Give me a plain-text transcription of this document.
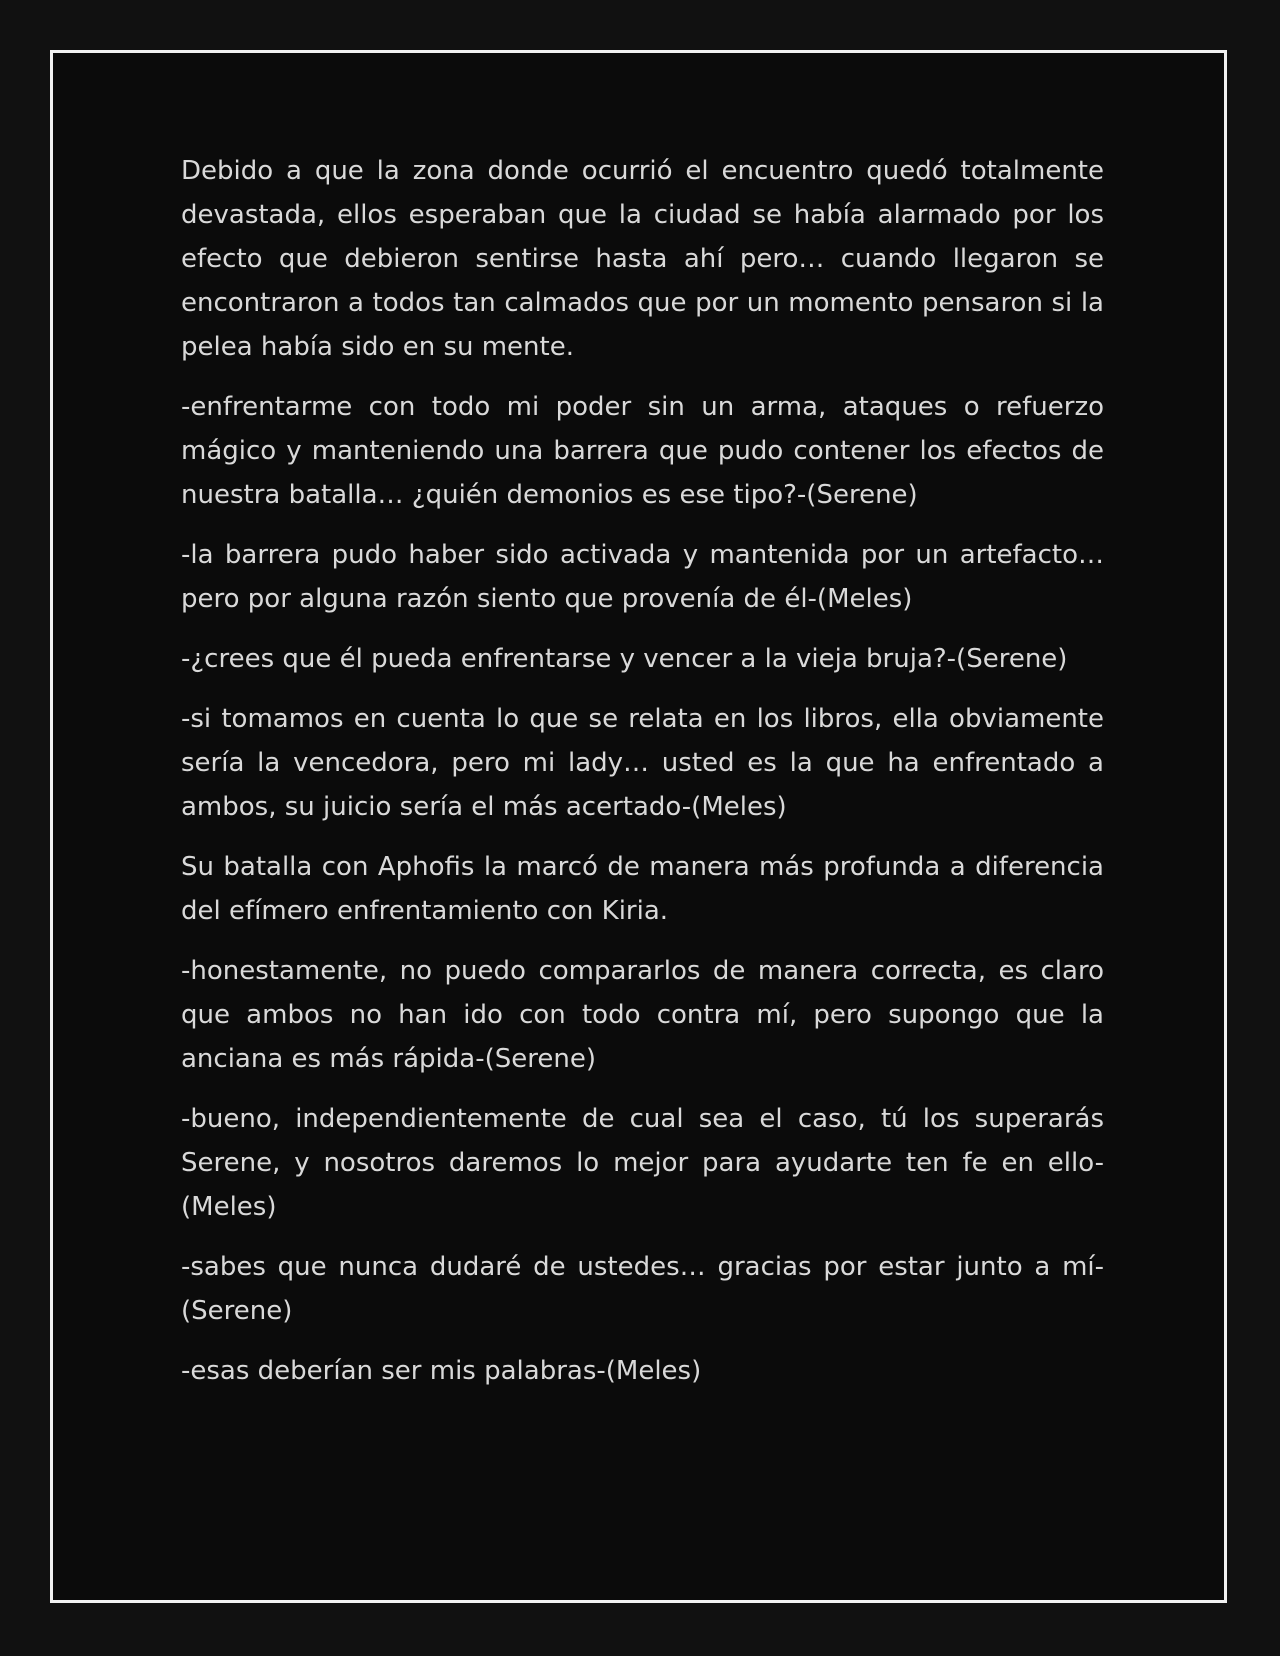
Debido a que la zona donde ocurrió el encuentro quedó totalmente devastada, ellos esperaban que la ciudad se había alarmado por los efecto que debieron sentirse hasta ahí pero… cuando llegaron se encontraron a todos tan calmados que por un momento pensaron si la pelea había sido en su mente.

-enfrentarme con todo mi poder sin un arma, ataques o refuerzo mágico y manteniendo una barrera que pudo contener los efectos de nuestra batalla… ¿quién demonios es ese tipo?-(Serene)

-la barrera pudo haber sido activada y mantenida por un artefacto… pero por alguna razón siento que provenía de él-(Meles)

-¿crees que él pueda enfrentarse y vencer a la vieja bruja?-(Serene)

-si tomamos en cuenta lo que se relata en los libros, ella obviamente sería la vencedora, pero mi lady… usted es la que ha enfrentado a ambos, su juicio sería el más acertado-(Meles)

Su batalla con Aphofis la marcó de manera más profunda a diferencia del efímero enfrentamiento con Kiria.

-honestamente, no puedo compararlos de manera correcta, es claro que ambos no han ido con todo contra mí, pero supongo que la anciana es más rápida-(Serene)

-bueno, independientemente de cual sea el caso, tú los superarás Serene, y nosotros daremos lo mejor para ayudarte ten fe en ello-(Meles)

-sabes que nunca dudaré de ustedes… gracias por estar junto a mí-(Serene)

-esas deberían ser mis palabras-(Meles)
